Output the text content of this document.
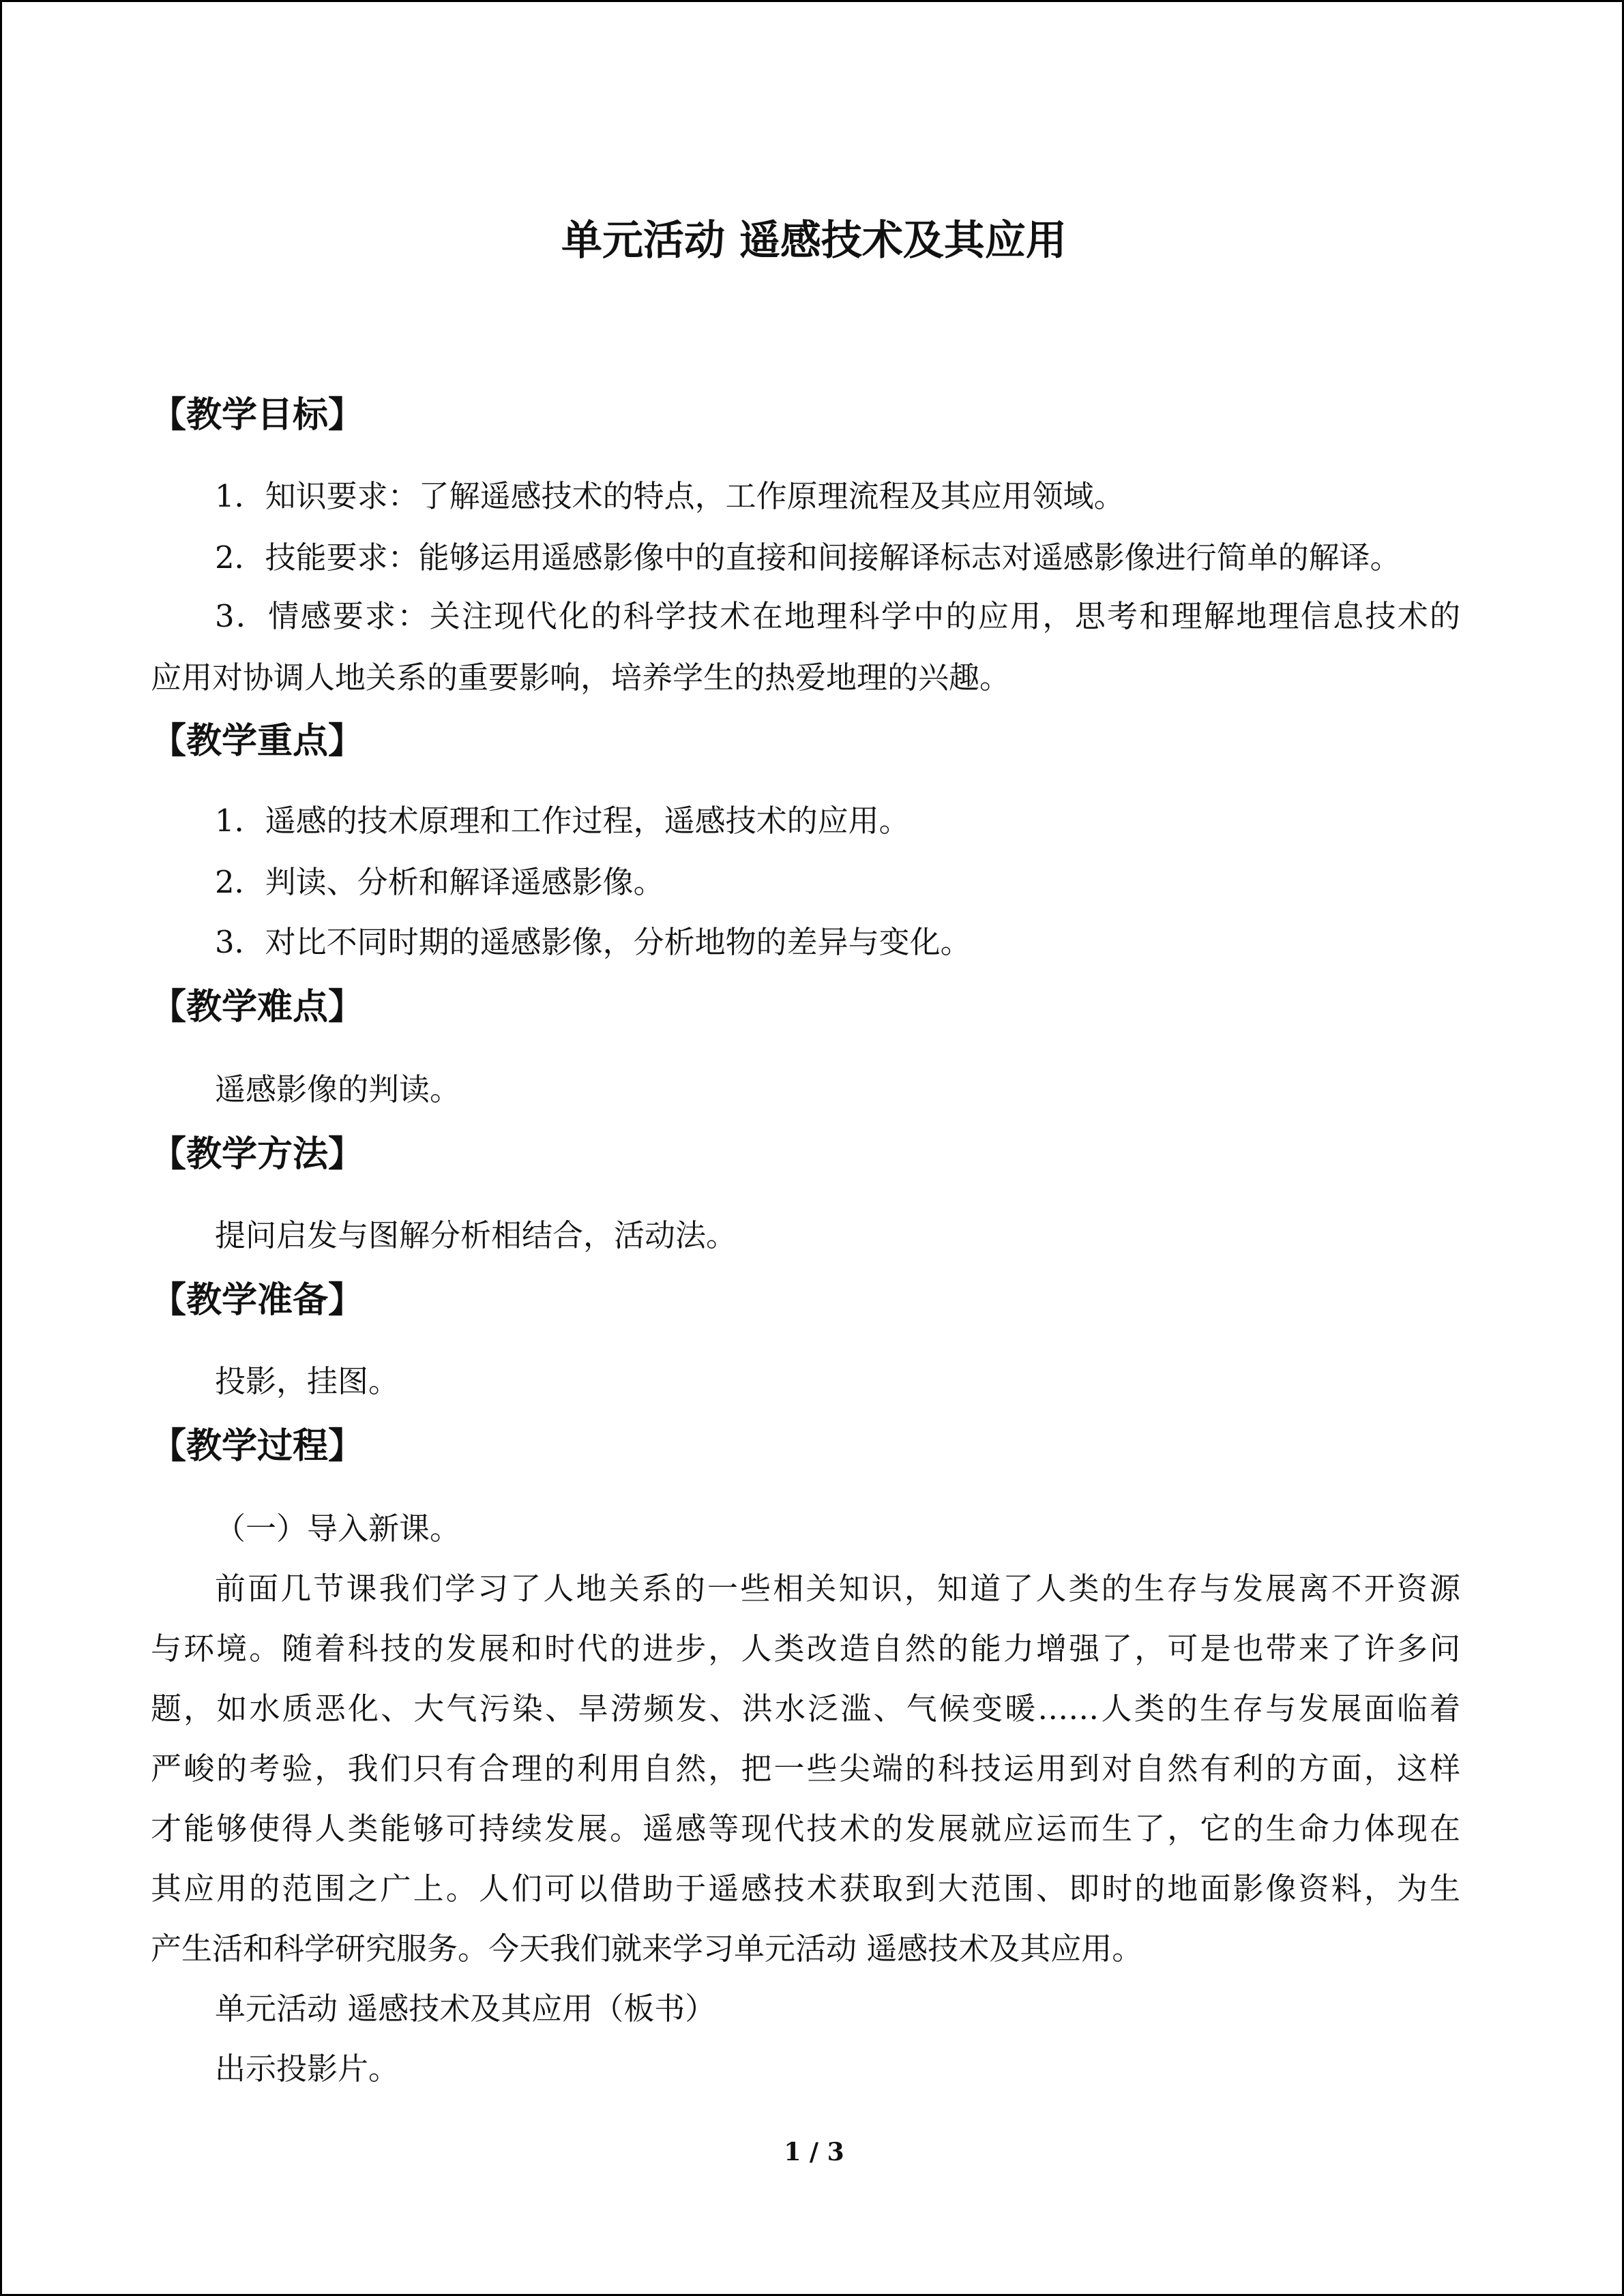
单元活动 遥感技术及其应用
【教学目标】
1．知识要求：了解遥感技术的特点，工作原理流程及其应用领域。
2．技能要求：能够运用遥感影像中的直接和间接解译标志对遥感影像进行简单的解译。
3．情感要求：关注现代化的科学技术在地理科学中的应用，思考和理解地理信息技术的
应用对协调人地关系的重要影响，培养学生的热爱地理的兴趣。
【教学重点】
1．遥感的技术原理和工作过程，遥感技术的应用。
2．判读、分析和解译遥感影像。
3．对比不同时期的遥感影像，分析地物的差异与变化。
【教学难点】
遥感影像的判读。
【教学方法】
提问启发与图解分析相结合，活动法。
【教学准备】
投影，挂图。
【教学过程】
（一）导入新课。
前面几节课我们学习了人地关系的一些相关知识，知道了人类的生存与发展离不开资源
与环境。随着科技的发展和时代的进步，人类改造自然的能力增强了，可是也带来了许多问
题，如水质恶化、大气污染、旱涝频发、洪水泛滥、气候变暖……人类的生存与发展面临着
严峻的考验，我们只有合理的利用自然，把一些尖端的科技运用到对自然有利的方面，这样
才能够使得人类能够可持续发展。遥感等现代技术的发展就应运而生了，它的生命力体现在
其应用的范围之广上。人们可以借助于遥感技术获取到大范围、即时的地面影像资料，为生
产生活和科学研究服务。今天我们就来学习单元活动 遥感技术及其应用。
单元活动 遥感技术及其应用（板书）
出示投影片。
1 / 3
